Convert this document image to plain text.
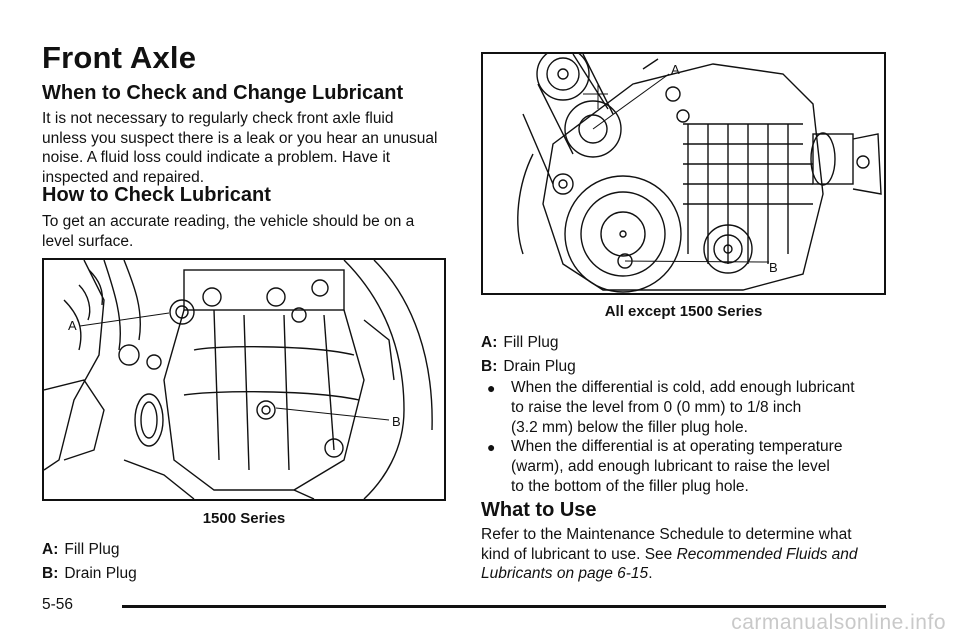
Front Axle
When to Check and Change Lubricant

It is not necessary to regularly check front axle fluid unless you suspect there is a leak or you hear an unusual noise. A fluid loss could indicate a problem. Have it inspected and repaired.

How to Check Lubricant

To get an accurate reading, the vehicle should be on a level surface.

A
B
1500 Series
A: Fill Plug
B: Drain Plug
A
B
All except 1500 Series
A: Fill Plug
B: Drain Plug
● When the differential is cold, add enough lubricant
to raise the level from 0 (0 mm) to 1/8 inch
(3.2 mm) below the filler plug hole.
● When the differential is at operating temperature
(warm), add enough lubricant to raise the level
to the bottom of the filler plug hole.
What to Use

Refer to the Maintenance Schedule to determine what kind of lubricant to use. See Recommended Fluids and Lubricants on page 6-15.

5-56
carmanualsonline.info
